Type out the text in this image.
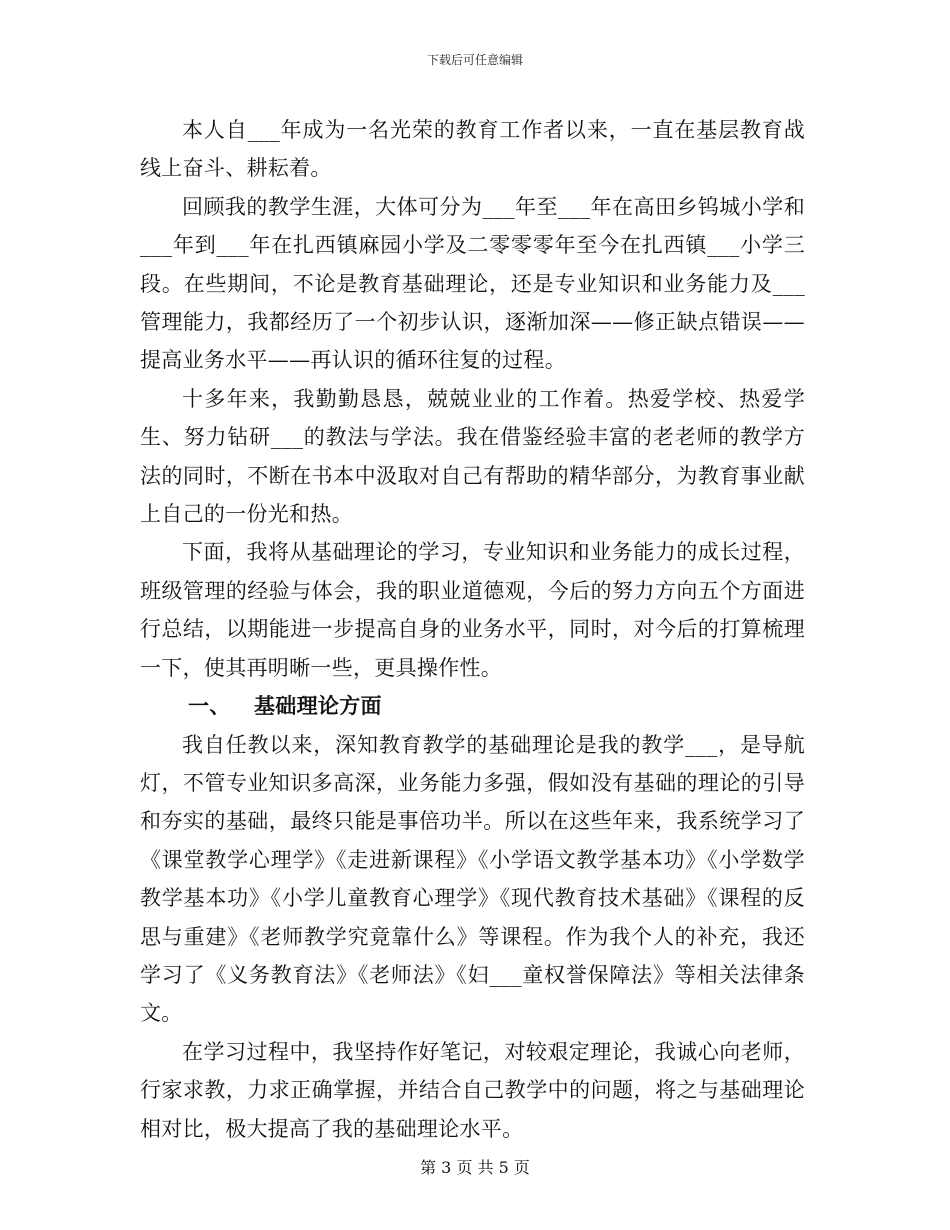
下载后可任意编辑

本人自___年成为一名光荣的教育工作者以来，一直在基层教育战线上奋斗、耕耘着。

回顾我的教学生涯，大体可分为___年至___年在高田乡钨城小学和___年到___年在扎西镇麻园小学及二零零零年至今在扎西镇___小学三段。在些期间，不论是教育基础理论，还是专业知识和业务能力及___管理能力，我都经历了一个初步认识，逐渐加深——修正缺点错误——提高业务水平——再认识的循环往复的过程。

十多年来，我勤勤恳恳，兢兢业业的工作着。热爱学校、热爱学生、努力钻研___的教法与学法。我在借鉴经验丰富的老老师的教学方法的同时，不断在书本中汲取对自己有帮助的精华部分，为教育事业献上自己的一份光和热。

下面，我将从基础理论的学习，专业知识和业务能力的成长过程，班级管理的经验与体会，我的职业道德观，今后的努力方向五个方面进行总结，以期能进一步提高自身的业务水平，同时，对今后的打算梳理一下，使其再明晰一些，更具操作性。

一、 基础理论方面

我自任教以来，深知教育教学的基础理论是我的教学___，是导航灯，不管专业知识多高深，业务能力多强，假如没有基础的理论的引导和夯实的基础，最终只能是事倍功半。所以在这些年来，我系统学习了《课堂教学心理学》《走进新课程》《小学语文教学基本功》《小学数学教学基本功》《小学儿童教育心理学》《现代教育技术基础》《课程的反思与重建》《老师教学究竟靠什么》等课程。作为我个人的补充，我还学习了《义务教育法》《老师法》《妇___童权誉保障法》等相关法律条文。

在学习过程中，我坚持作好笔记，对较艰定理论，我诚心向老师，行家求教，力求正确掌握，并结合自己教学中的问题，将之与基础理论相对比，极大提高了我的基础理论水平。

第 3 页 共 5 页
